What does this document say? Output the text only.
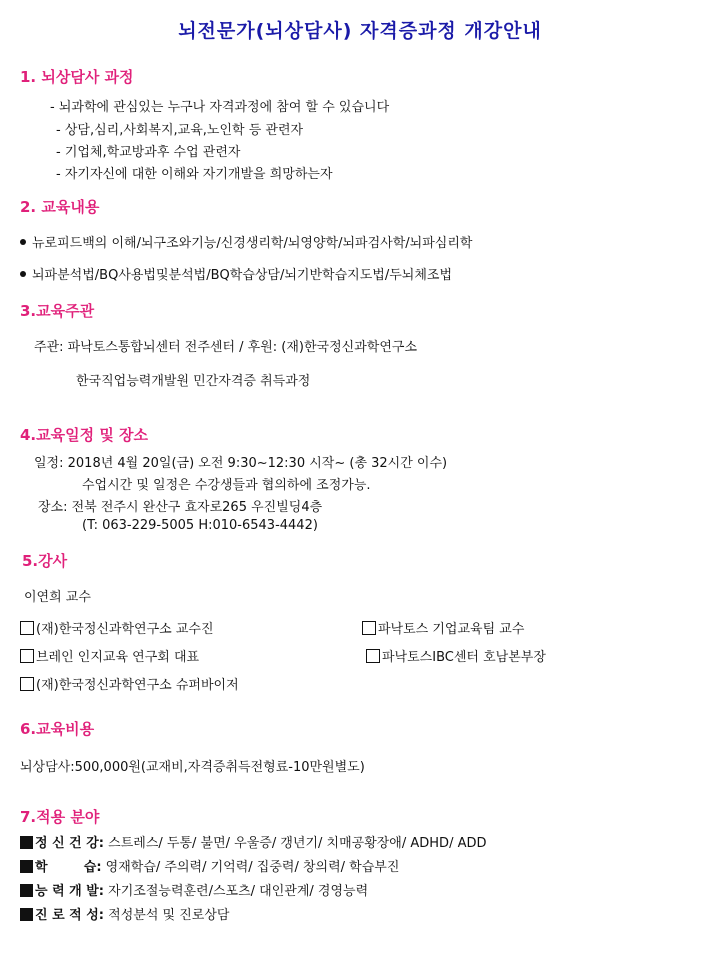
뇌전문가(뇌상담사) 자격증과정 개강안내
1. 뇌상담사 과정
- 뇌과학에 관심있는 누구나 자격과정에 참여 할 수 있습니다
- 상담,심리,사회복지,교육,노인학 등 관련자
- 기업체,학교방과후 수업 관련자
- 자기자신에 대한 이해와 자기개발을 희망하는자
2. 교육내용
뉴로피드백의 이해/뇌구조와기능/신경생리학/뇌영양학/뇌파검사학/뇌파심리학
뇌파분석법/BQ사용법및분석법/BQ학습상담/뇌기반학습지도법/두뇌체조법
3.교육주관
주관: 파낙토스통합뇌센터 전주센터 / 후원: (재)한국정신과학연구소
한국직업능력개발원 민간자격증 취득과정
4.교육일정 및 장소
일정: 2018년 4월 20일(금) 오전 9:30~12:30 시작~ (총 32시간 이수)
수업시간 및 일정은 수강생들과 협의하에 조정가능.
장소: 전북 전주시 완산구 효자로265 우진빌딩4층
(T: 063-229-5005 H:010-6543-4442)
5.강사
이연희 교수
(재)한국정신과학연구소 교수진	파낙토스 기업교육팀 교수
브레인 인지교육 연구회 대표	파낙토스IBC센터 호남본부장
(재)한국정신과학연구소 슈퍼바이저
6.교육비용
뇌상담사:500,000원(교재비,자격증취득전형료-10만원별도)
7.적용 분야
정 신 건 강: 스트레스/ 두통/ 불면/ 우울증/ 갱년기/ 치매공황장애/ ADHD/ ADD
학        습: 영재학습/ 주의력/ 기억력/ 집중력/ 창의력/ 학습부진
능 력 개 발: 자기조절능력훈련/스포츠/ 대인관계/ 경영능력
진 로 적 성: 적성분석 및 진로상담
